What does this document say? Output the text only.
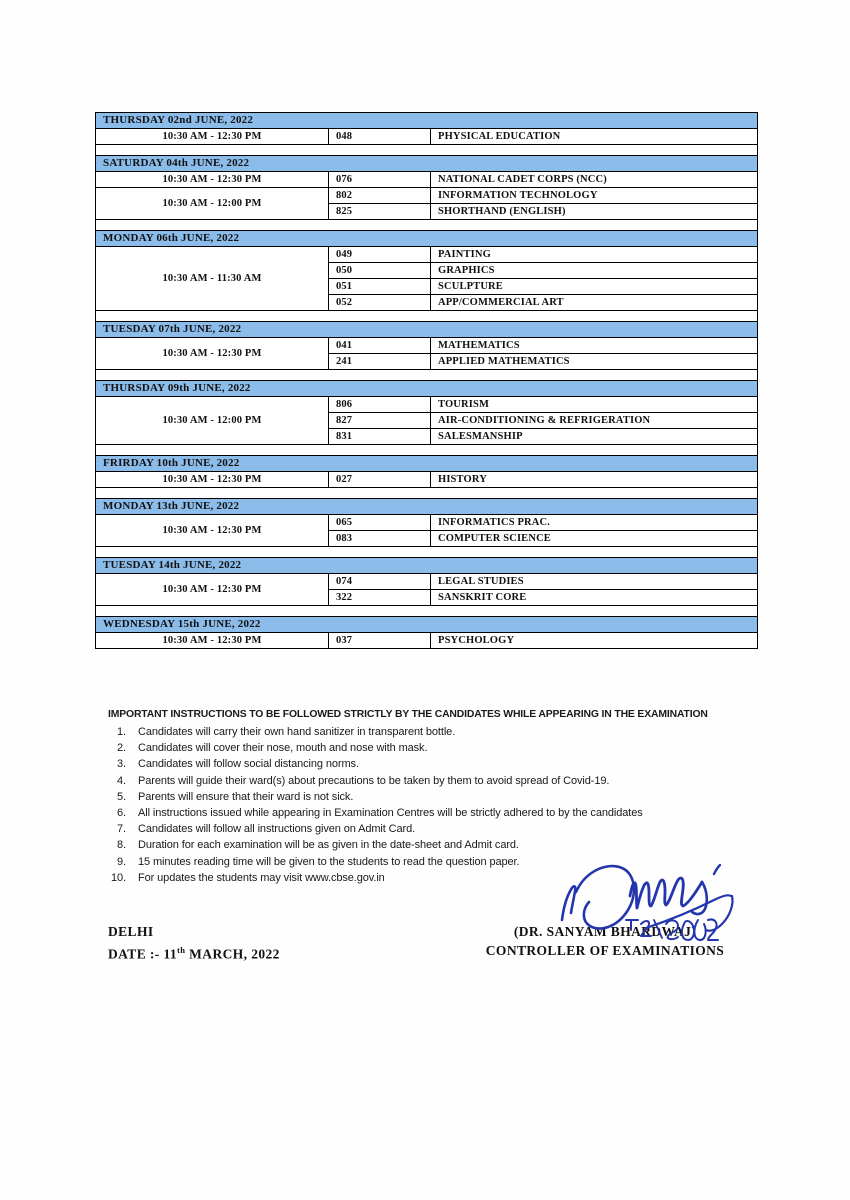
THURSDAY 02nd JUNE, 2022		
10:30 AM - 12:30 PM	048	PHYSICAL EDUCATION

SATURDAY 04th JUNE, 2022		
10:30 AM - 12:30 PM	076	NATIONAL CADET CORPS (NCC)
10:30 AM - 12:00 PM	802	INFORMATION TECHNOLOGY
	825	SHORTHAND (ENGLISH)

MONDAY 06th JUNE, 2022		
10:30 AM - 11:30 AM	049	PAINTING
	050	GRAPHICS
	051	SCULPTURE
	052	APP/COMMERCIAL ART

TUESDAY 07th JUNE, 2022		
10:30 AM - 12:30 PM	041	MATHEMATICS
	241	APPLIED MATHEMATICS

THURSDAY 09th JUNE, 2022		
10:30 AM - 12:00 PM	806	TOURISM
	827	AIR-CONDITIONING & REFRIGERATION
	831	SALESMANSHIP

FRIRDAY 10th JUNE, 2022		
10:30 AM - 12:30 PM	027	HISTORY

MONDAY 13th JUNE, 2022		
10:30 AM - 12:30 PM	065	INFORMATICS PRAC.
	083	COMPUTER SCIENCE

TUESDAY 14th JUNE, 2022		
10:30 AM - 12:30 PM	074	LEGAL STUDIES
	322	SANSKRIT CORE

WEDNESDAY 15th JUNE, 2022		
10:30 AM - 12:30 PM	037	PSYCHOLOGY
IMPORTANT INSTRUCTIONS TO BE FOLLOWED STRICTLY BY THE CANDIDATES WHILE APPEARING IN THE EXAMINATION
1.	Candidates will carry their own hand sanitizer in transparent bottle.
2.	Candidates will cover their nose, mouth and nose with mask.
3.	Candidates will follow social distancing norms.
4.	Parents will guide their ward(s) about precautions to be taken by them to avoid spread of Covid-19.
5.	Parents will ensure that their ward is not sick.
6.	All instructions issued while appearing in Examination Centres will be strictly adhered to by the candidates
7.	Candidates will follow all instructions given on Admit Card.
8.	Duration for each examination will be as given in the date-sheet and Admit card.
9.	15 minutes reading time will be given to the students to read the question paper.
10.	For updates the students may visit www.cbse.gov.in
DELHI
DATE :- 11th MARCH, 2022
(DR. SANYAM BHARDWAJ)
CONTROLLER OF EXAMINATIONS
